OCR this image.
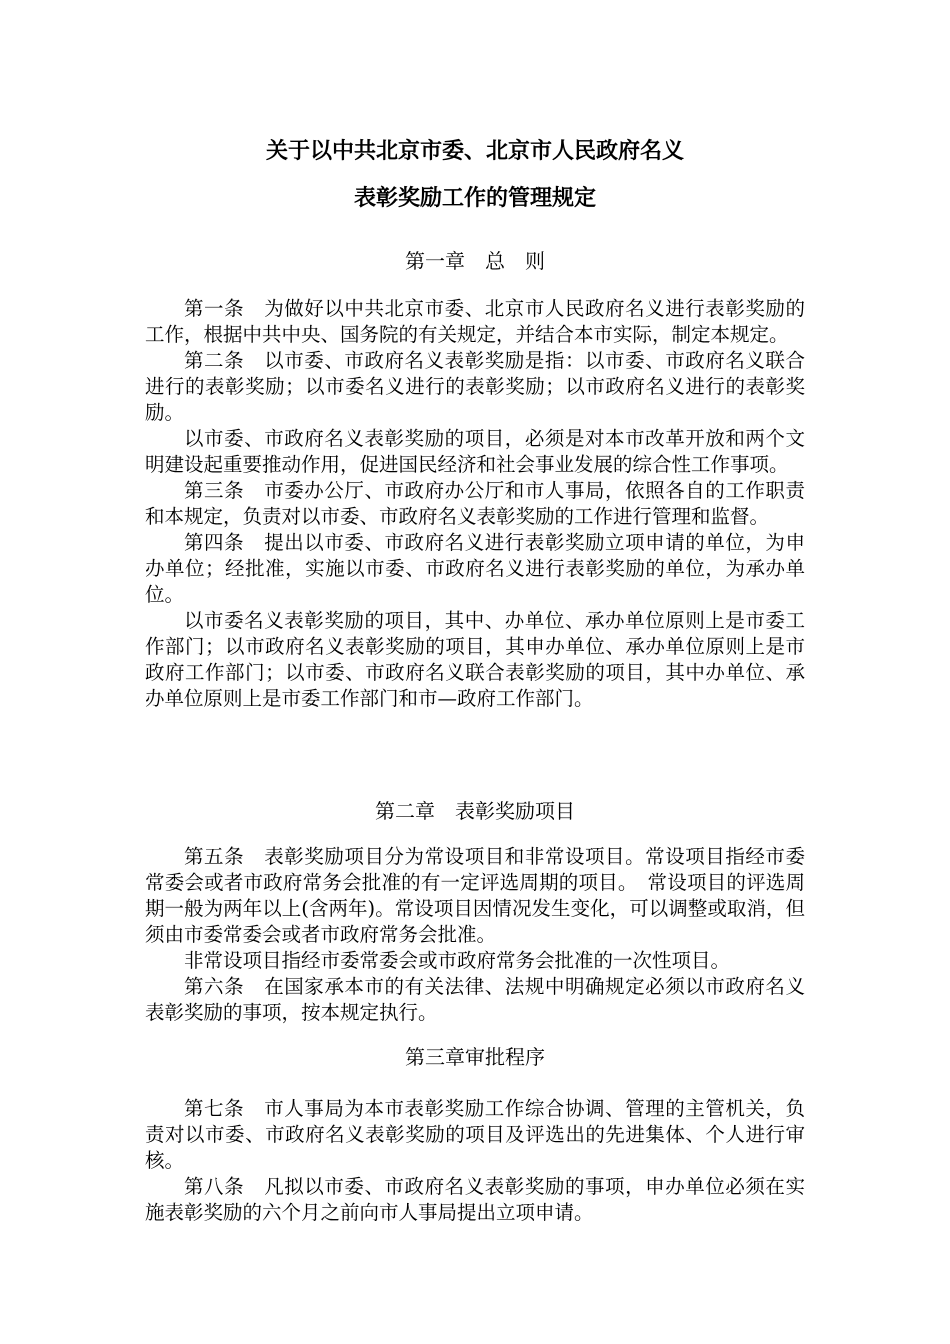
关于以中共北京市委、北京市人民政府名义
表彰奖励工作的管理规定
第一章　总　则

第一条　为做好以中共北京市委、北京市人民政府名义进行表彰奖励的工作，根据中共中央、国务院的有关规定，并结合本市实际，制定本规定。

第二条　以市委、市政府名义表彰奖励是指：以市委、市政府名义联合进行的表彰奖励；以市委名义进行的表彰奖励；以市政府名义进行的表彰奖励。

以市委、市政府名义表彰奖励的项目，必须是对本市改革开放和两个文明建设起重要推动作用，促进国民经济和社会事业发展的综合性工作事项。

第三条　市委办公厅、市政府办公厅和市人事局，依照各自的工作职责和本规定，负责对以市委、市政府名义表彰奖励的工作进行管理和监督。

第四条　提出以市委、市政府名义进行表彰奖励立项申请的单位，为申办单位；经批准，实施以市委、市政府名义进行表彰奖励的单位，为承办单位。

以市委名义表彰奖励的项目，其中、办单位、承办单位原则上是市委工作部门；以市政府名义表彰奖励的项目，其申办单位、承办单位原则上是市政府工作部门；以市委、市政府名义联合表彰奖励的项目，其中办单位、承办单位原则上是市委工作部门和市—政府工作部门。

第二章　表彰奖励项目

第五条　表彰奖励项目分为常设项目和非常设项目。常设项目指经市委常委会或者市政府常务会批准的有一定评选周期的项目。　常设项目的评选周期一般为两年以上(含两年)。常设项目因情况发生变化，可以调整或取消，但须由市委常委会或者市政府常务会批准。

非常设项目指经市委常委会或市政府常务会批准的一次性项目。

第六条　在国家承本市的有关法律、法规中明确规定必须以市政府名义表彰奖励的事项，按本规定执行。

第三章审批程序

第七条　市人事局为本市表彰奖励工作综合协调、管理的主管机关，负责对以市委、市政府名义表彰奖励的项目及评选出的先进集体、个人进行审核。

第八条　凡拟以市委、市政府名义表彰奖励的事项，申办单位必须在实施表彰奖励的六个月之前向市人事局提出立项申请。
